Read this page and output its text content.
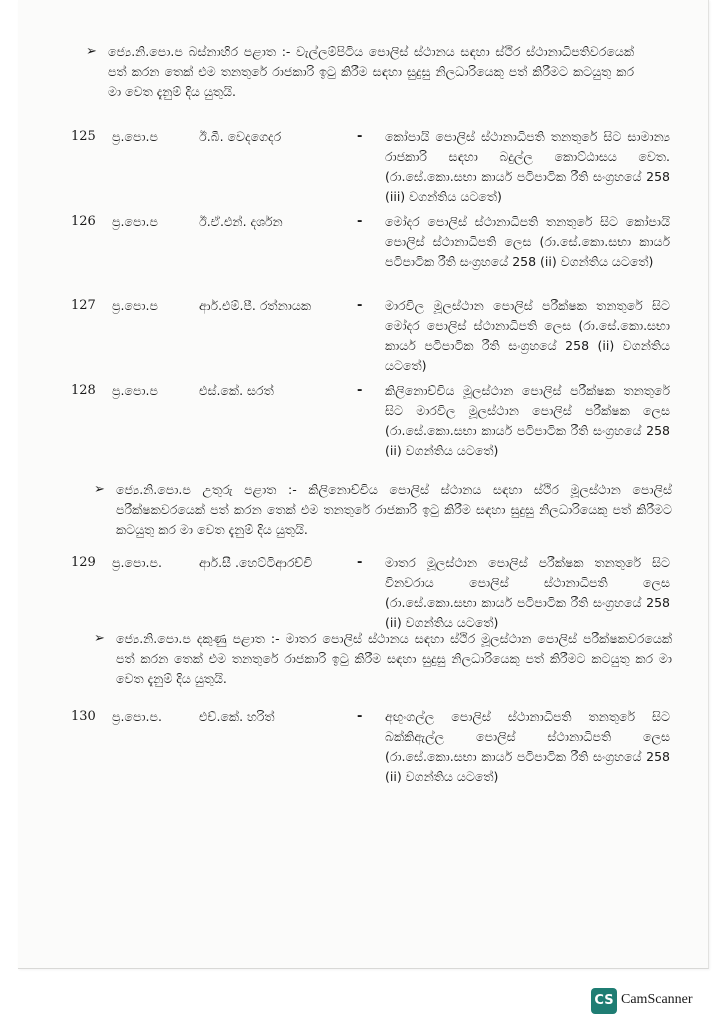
➢ ජ්‍යෙ.නි.පො.ප බස්නාහිර පළාත :- වැල්ලම්පිටිය පොලිස් ස්ථානය සඳහා ස්ථිර ස්ථානාධිපතිවරයෙක් පත් කරන තෙක් එම තනතුරේ රාජකාරි ඉටු කිරීම සඳහා සුදුසු නිලධාරියෙකු පත් කිරීමට කටයුතු කර මා වෙත දැනුම් දිය යුතුයි.
125 ප්‍ර.පො.ප	ඊ.බී. වෙදගෙදර	- කෝපායි පොලිස් ස්ථානාධිපති තනතුරේ සිට සාමාන්‍ය රාජකාරි සඳහා බදුල්ල කොට්ඨාසය වෙත. (රා.සේ.කො.සභා කාර්ය පටිපාටික රීති සංග්‍රහයේ 258 (iii) වගන්තිය යටතේ)
126 ප්‍ර.පො.ප	ඊ.ඒ.එන්. දර්ශන	- මෝදර පොලිස් ස්ථානාධිපති තනතුරේ සිට කෝපායි පොලිස් ස්ථානාධිපති ලෙස (රා.සේ.කො.සභා කාර්ය පටිපාටික රීති සංග්‍රහයේ 258 (ii) වගන්තිය යටතේ)
127 ප්‍ර.පො.ප	ආර්.එම්.පී. රත්නායක	- මාරවිල මූලස්ථාන පොලිස් පරීක්ෂක තනතුරේ සිට මෝදර පොලිස් ස්ථානාධිපති ලෙස (රා.සේ.කො.සභා කාර්ය පටිපාටික රීති සංග්‍රහයේ 258 (ii) වගන්තිය යටතේ)
128 ප්‍ර.පො.ප	එස්.කේ. සරත්	- කිලිනොච්චිය මූලස්ථාන පොලිස් පරීක්ෂක තනතුරේ සිට මාරවිල මූලස්ථාන පොලිස් පරීක්ෂක ලෙස (රා.සේ.කො.සභා කාර්ය පටිපාටික රීති සංග්‍රහයේ 258 (ii) වගන්තිය යටතේ)
➢ ජ්‍යෙ.නි.පො.ප උතුරු පළාත :- කිලිනොච්චිය පොලිස් ස්ථානය සඳහා ස්ථිර මූලස්ථාන පොලිස් පරීක්ෂකවරයෙක් පත් කරන තෙක් එම තනතුරේ රාජකාරි ඉටු කිරීම සඳහා සුදුසු නිලධාරියෙකු පත් කිරීමට කටයුතු කර මා වෙත දැනුම් දිය යුතුයි.
129 ප්‍ර.පො.ප.	ආර්.සී .හෙට්ටිආරච්චි	- මාතර මූලස්ථාන පොලිස් පරීක්ෂක තනතුරේ සිට විනවරාය පොලිස් ස්ථානාධිපති ලෙස (රා.සේ.කො.සභා කාර්ය පටිපාටික රීති සංග්‍රහයේ 258 (ii) වගන්තිය යටතේ)
➢ ජ්‍යෙ.නි.පො.ප දකුණු පළාත :- මාතර පොලිස් ස්ථානය සඳහා ස්ථිර මූලස්ථාන පොලිස් පරීක්ෂකවරයෙක් පත් කරන තෙක් එම තනතුරේ රාජකාරි ඉටු කිරීම සඳහා සුදුසු නිලධාරියෙකු පත් කිරීමට කටයුතු කර මා වෙත දැනුම් දිය යුතුයි.
130 ප්‍ර.පො.ප.	එච්.කේ. හරිත්	- අඟුංගල්ල පොලිස් ස්ථානාධිපති තනතුරේ සිට බක්කිඇල්ල පොලිස් ස්ථානාධිපති ලෙස (රා.සේ.කො.සභා කාර්ය පටිපාටික රීති සංග්‍රහයේ 258 (ii) වගන්තිය යටතේ)
CS CamScanner
